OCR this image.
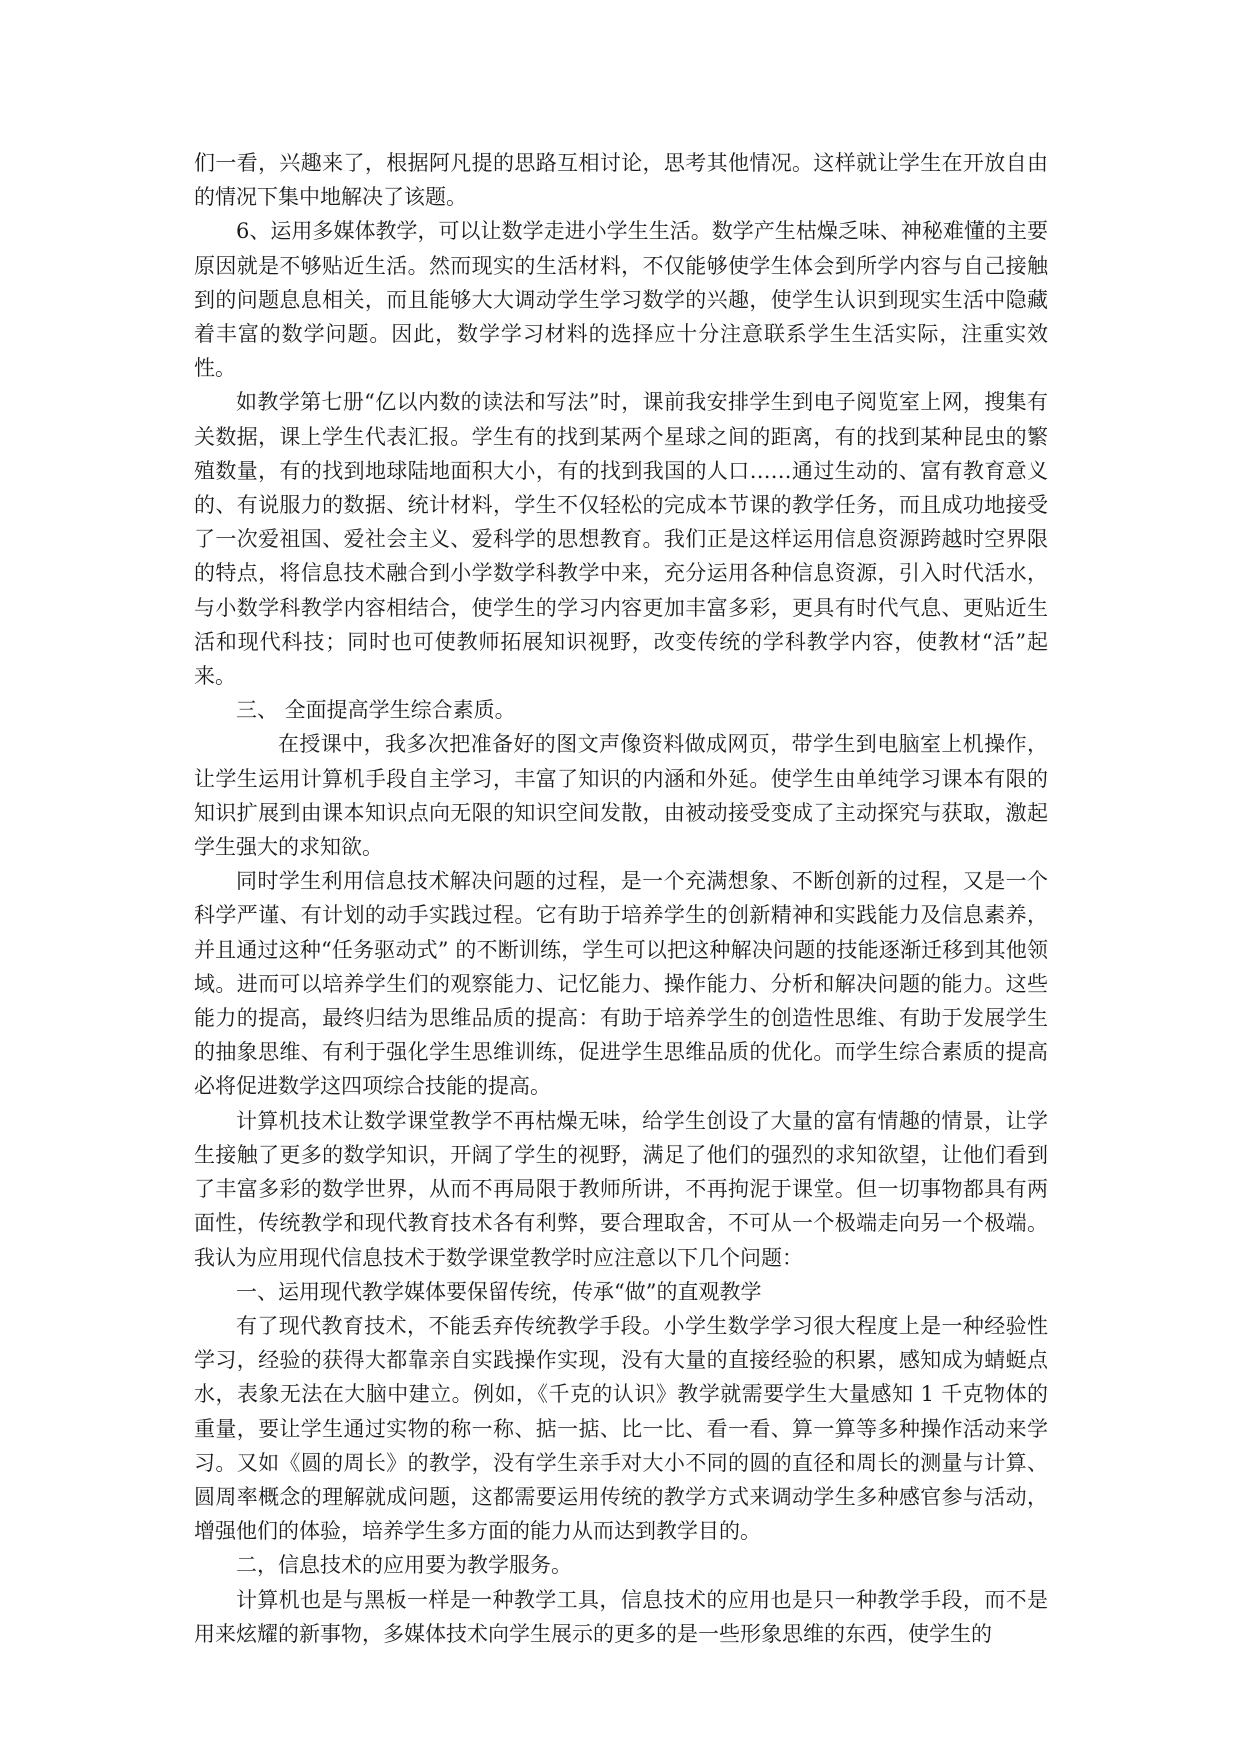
们一看，兴趣来了，根据阿凡提的思路互相讨论，思考其他情况。这样就让学生在开放自由的情况下集中地解决了该题。

6、运用多媒体教学，可以让数学走进小学生生活。数学产生枯燥乏味、神秘难懂的主要原因就是不够贴近生活。然而现实的生活材料，不仅能够使学生体会到所学内容与自己接触到的问题息息相关，而且能够大大调动学生学习数学的兴趣，使学生认识到现实生活中隐藏着丰富的数学问题。因此，数学学习材料的选择应十分注意联系学生生活实际，注重实效性。

如教学第七册“亿以内数的读法和写法”时，课前我安排学生到电子阅览室上网，搜集有关数据，课上学生代表汇报。学生有的找到某两个星球之间的距离，有的找到某种昆虫的繁殖数量，有的找到地球陆地面积大小，有的找到我国的人口……通过生动的、富有教育意义的、有说服力的数据、统计材料，学生不仅轻松的完成本节课的教学任务，而且成功地接受了一次爱祖国、爱社会主义、爱科学的思想教育。我们正是这样运用信息资源跨越时空界限的特点，将信息技术融合到小学数学科教学中来，充分运用各种信息资源，引入时代活水，与小数学科教学内容相结合，使学生的学习内容更加丰富多彩，更具有时代气息、更贴近生活和现代科技；同时也可使教师拓展知识视野，改变传统的学科教学内容，使教材“活”起来。

三、 全面提高学生综合素质。

在授课中，我多次把准备好的图文声像资料做成网页，带学生到电脑室上机操作，让学生运用计算机手段自主学习，丰富了知识的内涵和外延。使学生由单纯学习课本有限的知识扩展到由课本知识点向无限的知识空间发散，由被动接受变成了主动探究与获取，激起学生强大的求知欲。

同时学生利用信息技术解决问题的过程，是一个充满想象、不断创新的过程，又是一个科学严谨、有计划的动手实践过程。它有助于培养学生的创新精神和实践能力及信息素养， 并且通过这种“任务驱动式” 的不断训练，学生可以把这种解决问题的技能逐渐迁移到其他领域。进而可以培养学生们的观察能力、记忆能力、操作能力、分析和解决问题的能力。这些能力的提高，最终归结为思维品质的提高：有助于培养学生的创造性思维、有助于发展学生的抽象思维、有利于强化学生思维训练，促进学生思维品质的优化。而学生综合素质的提高必将促进数学这四项综合技能的提高。

计算机技术让数学课堂教学不再枯燥无味，给学生创设了大量的富有情趣的情景，让学生接触了更多的数学知识，开阔了学生的视野，满足了他们的强烈的求知欲望，让他们看到了丰富多彩的数学世界，从而不再局限于教师所讲，不再拘泥于课堂。但一切事物都具有两面性，传统教学和现代教育技术各有利弊，要合理取舍，不可从一个极端走向另一个极端。我认为应用现代信息技术于数学课堂教学时应注意以下几个问题：

一、运用现代教学媒体要保留传统，传承“做”的直观教学

有了现代教育技术，不能丢弃传统教学手段。小学生数学学习很大程度上是一种经验性学习，经验的获得大都靠亲自实践操作实现，没有大量的直接经验的积累，感知成为蜻蜓点水，表象无法在大脑中建立。例如，《千克的认识》教学就需要学生大量感知 1 千克物体的重量，要让学生通过实物的称一称、掂一掂、比一比、看一看、算一算等多种操作活动来学习。又如《圆的周长》的教学，没有学生亲手对大小不同的圆的直径和周长的测量与计算、圆周率概念的理解就成问题，这都需要运用传统的教学方式来调动学生多种感官参与活动，增强他们的体验，培养学生多方面的能力从而达到教学目的。

二，信息技术的应用要为教学服务。

计算机也是与黑板一样是一种教学工具，信息技术的应用也是只一种教学手段，而不是用来炫耀的新事物，多媒体技术向学生展示的更多的是一些形象思维的东西，使学生的
